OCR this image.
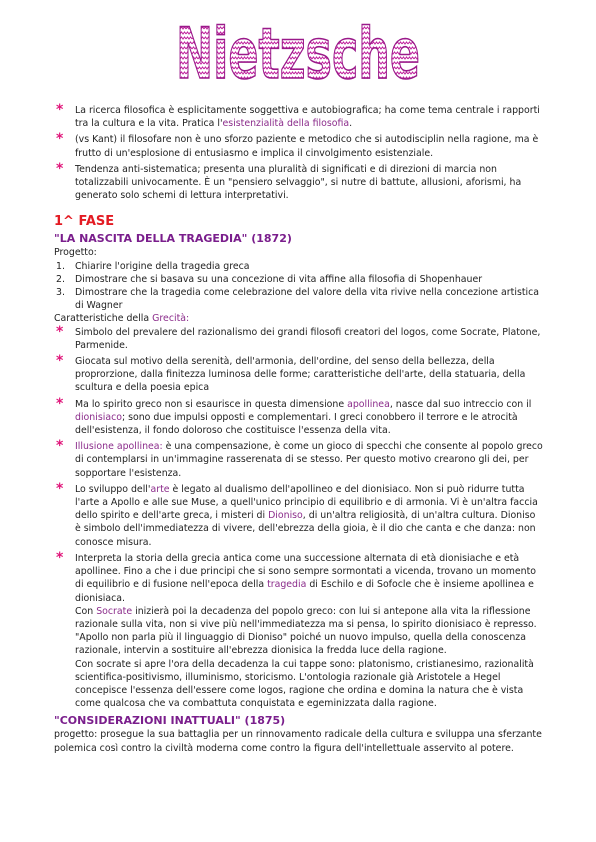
Nietzsche
* La ricerca filosofica è esplicitamente soggettiva e autobiografica; ha come tema centrale i rapporti tra la cultura e la vita. Pratica l'esistenzialità della filosofia.
* (vs Kant) il filosofare non è uno sforzo paziente e metodico che si autodisciplin nella ragione, ma è frutto di un'esplosione di entusiasmo e implica il cinvolgimento esistenziale.
* Tendenza anti-sistematica; presenta una pluralità di significati e di direzioni di marcia non totalizzabili univocamente. È un "pensiero selvaggio", si nutre di battute, allusioni, aforismi, ha generato solo schemi di lettura interpretativi.
1^ FASE
"LA NASCITA DELLA TRAGEDIA" (1872)
Progetto:
1. Chiarire l'origine della tragedia greca
2. Dimostrare che si basava su una concezione di vita affine alla filosofia di Shopenhauer
3. Dimostrare che la tragedia come celebrazione del valore della vita rivive nella concezione artistica di Wagner
Caratteristiche della Grecità:
* Simbolo del prevalere del razionalismo dei grandi filosofi creatori del logos, come Socrate, Platone, Parmenide.
* Giocata sul motivo della serenità, dell'armonia, dell'ordine, del senso della bellezza, della proprorzione, dalla finitezza luminosa delle forme; caratteristiche dell'arte, della statuaria, della scultura e della poesia epica
* Ma lo spirito greco non si esaurisce in questa dimensione apollinea, nasce dal suo intreccio con il dionisiaco; sono due impulsi opposti e complementari. I greci conobbero il terrore e le atrocità dell'esistenza, il fondo doloroso che costituisce l'essenza della vita.
* Illusione apollinea: è una compensazione, è come un gioco di specchi che consente al popolo greco di contemplarsi in un'immagine rasserenata di se stesso. Per questo motivo crearono gli dei, per sopportare l'esistenza.
* Lo sviluppo dell'arte è legato al dualismo dell'apollineo e del dionisiaco. Non si può ridurre tutta l'arte a Apollo e alle sue Muse, a quell'unico principio di equilibrio e di armonia. Vi è un'altra faccia dello spirito e dell'arte greca, i misteri di Dioniso, di un'altra religiosità, di un'altra cultura. Dioniso è simbolo dell'immediatezza di vivere, dell'ebrezza della gioia, è il dio che canta e che danza: non conosce misura.
* Interpreta la storia della grecia antica come una successione alternata di età dionisiache e età apollinee. Fino a che i due principi che si sono sempre sormontati a vicenda, trovano un momento di equilibrio e di fusione nell'epoca della tragedia di Eschilo e di Sofocle che è insieme apollinea e dionisiaca.
Con Socrate inizierà poi la decadenza del popolo greco: con lui si antepone alla vita la riflessione razionale sulla vita, non si vive più nell'immediatezza ma si pensa, lo spirito dionisiaco è represso.
"Apollo non parla più il linguaggio di Dioniso" poiché un nuovo impulso, quella della conoscenza razionale, intervin a sostituire all'ebrezza dionisica la fredda luce della ragione.
Con socrate si apre l'ora della decadenza la cui tappe sono: platonismo, cristianesimo, razionalità scientifica-positivismo, illuminismo, storicismo. L'ontologia razionale già Aristotele a Hegel concepisce l'essenza dell'essere come logos, ragione che ordina e domina la natura che è vista come qualcosa che va combattuta conquistata e egeminizzata dalla ragione.
"CONSIDERAZIONI INATTUALI" (1875)
progetto: prosegue la sua battaglia per un rinnovamento radicale della cultura e sviluppa una sferzante polemica così contro la civiltà moderna come contro la figura dell'intellettuale asservito al potere.
